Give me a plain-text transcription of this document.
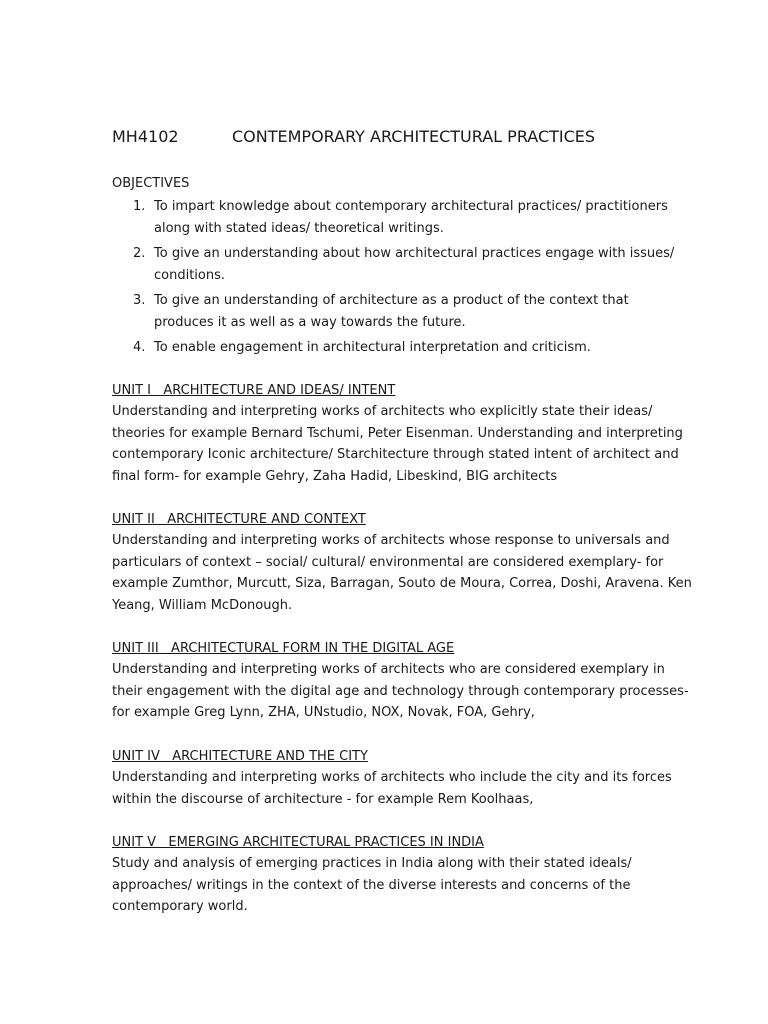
MH4102	CONTEMPORARY ARCHITECTURAL PRACTICES
OBJECTIVES
1. To impart knowledge about contemporary architectural practices/ practitioners along with stated ideas/ theoretical writings.
2. To give an understanding about how architectural practices engage with issues/ conditions.
3. To give an understanding of architecture as a product of the context that produces it as well as a way towards the future.
4. To enable engagement in architectural interpretation and criticism.
UNIT I   ARCHITECTURE AND IDEAS/ INTENT

Understanding and interpreting works of architects who explicitly state their ideas/ theories for example Bernard Tschumi, Peter Eisenman. Understanding and interpreting contemporary Iconic architecture/ Starchitecture through stated intent of architect and final form- for example Gehry, Zaha Hadid, Libeskind, BIG architects

UNIT II   ARCHITECTURE AND CONTEXT

Understanding and interpreting works of architects whose response to universals and particulars of context – social/ cultural/ environmental are considered exemplary- for example Zumthor, Murcutt, Siza, Barragan, Souto de Moura, Correa, Doshi, Aravena. Ken Yeang, William McDonough.

UNIT III   ARCHITECTURAL FORM IN THE DIGITAL AGE

Understanding and interpreting works of architects who are considered exemplary in their engagement with the digital age and technology through contemporary processes- for example Greg Lynn, ZHA, UNstudio, NOX, Novak, FOA, Gehry,

UNIT IV   ARCHITECTURE AND THE CITY

Understanding and interpreting works of architects who include the city and its forces within the discourse of architecture - for example Rem Koolhaas,

UNIT V   EMERGING ARCHITECTURAL PRACTICES IN INDIA

Study and analysis of emerging practices in India along with their stated ideals/ approaches/ writings in the context of the diverse interests and concerns of the contemporary world.
